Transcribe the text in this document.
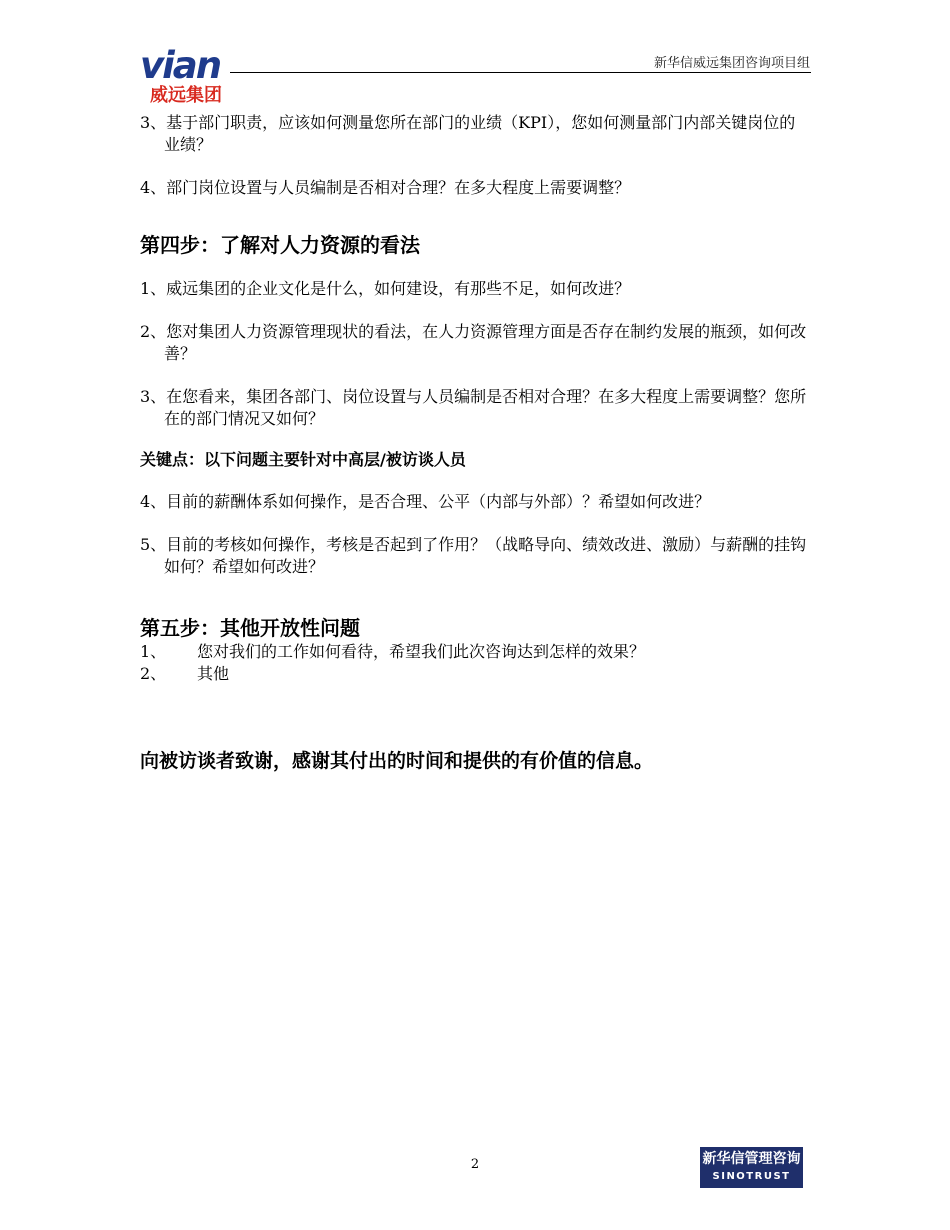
vian
威远集团
新华信威远集团咨询项目组

3、基于部门职责，应该如何测量您所在部门的业绩（KPI），您如何测量部门内部关键岗位的业绩？

4、部门岗位设置与人员编制是否相对合理？在多大程度上需要调整？

第四步：了解对人力资源的看法

1、威远集团的企业文化是什么，如何建设，有那些不足，如何改进？

2、您对集团人力资源管理现状的看法，在人力资源管理方面是否存在制约发展的瓶颈，如何改善？

3、在您看来，集团各部门、岗位设置与人员编制是否相对合理？在多大程度上需要调整？您所在的部门情况又如何？

关键点：以下问题主要针对中高层/被访谈人员

4、目前的薪酬体系如何操作，是否合理、公平（内部与外部）？希望如何改进？

5、目前的考核如何操作，考核是否起到了作用？（战略导向、绩效改进、激励）与薪酬的挂钩如何？希望如何改进？

第五步：其他开放性问题
1、 您对我们的工作如何看待，希望我们此次咨询达到怎样的效果？
2、 其他

向被访谈者致谢，感谢其付出的时间和提供的有价值的信息。

2	新华信管理咨询
SINOTRUST
